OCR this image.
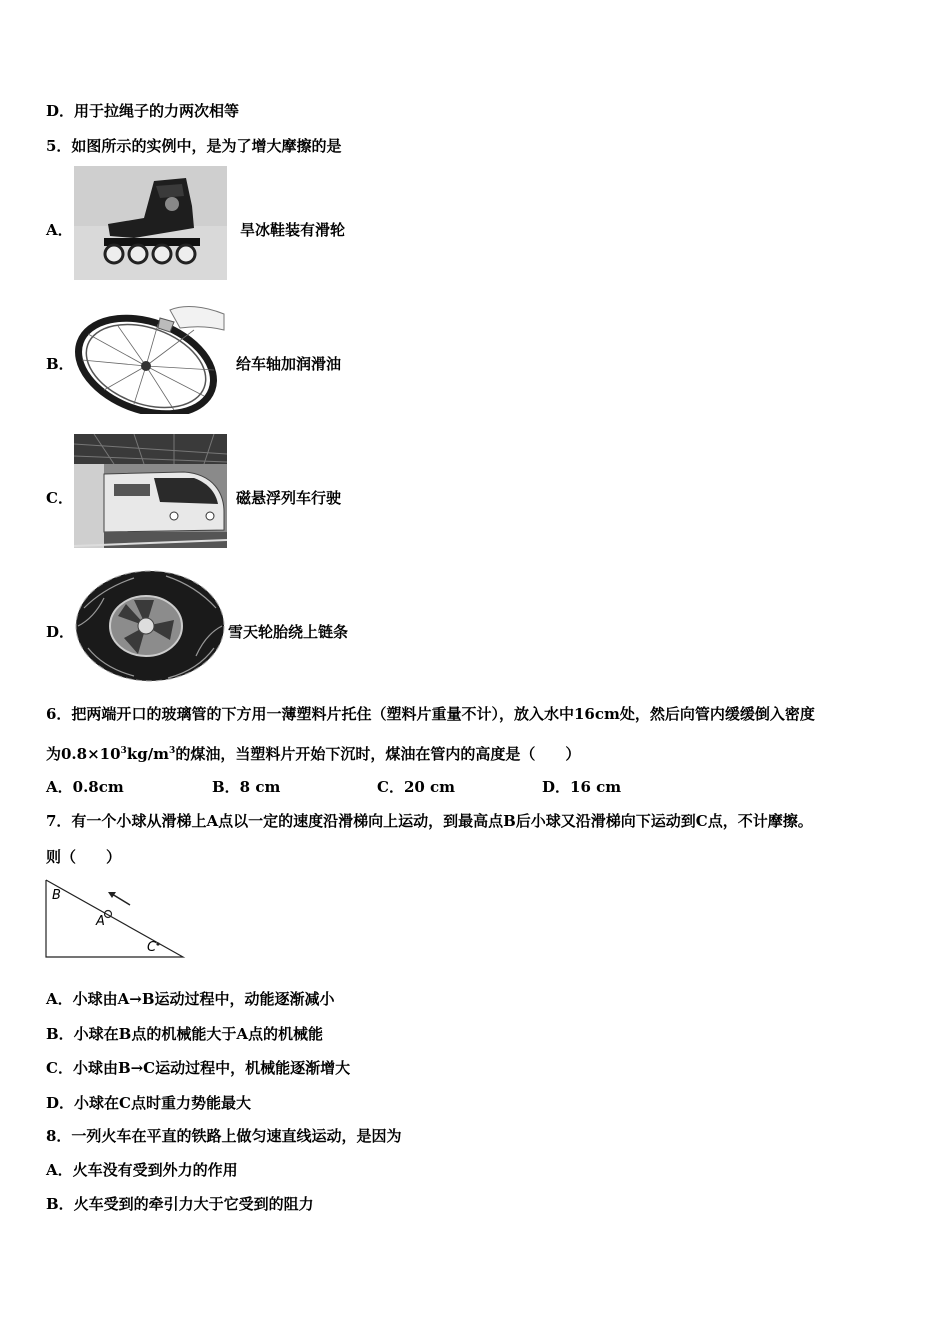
D．用于拉绳子的力两次相等
5．如图所示的实例中，是为了增大摩擦的是
A．	旱冰鞋装有滑轮
B．	给车轴加润滑油
C．	磁悬浮列车行驶
D．	雪天轮胎绕上链条
6．把两端开口的玻璃管的下方用一薄塑料片托住（塑料片重量不计），放入水中16cm处，然后向管内缓缓倒入密度
为$0.8\times 10^3kg/m^3$的煤油，当塑料片开始下沉时，煤油在管内的高度是（　　）
A．0.8cm	B．8 cm	C．20 cm	D．16 cm
7．有一个小球从滑梯上A点以一定的速度沿滑梯向上运动，到最高点B后小球又沿滑梯向下运动到C点，不计摩擦。
则（　　）
B
A
C
A．小球由A→B运动过程中，动能逐渐减小
B．小球在B点的机械能大于A点的机械能
C．小球由B→C运动过程中，机械能逐渐增大
D．小球在C点时重力势能最大
8．一列火车在平直的铁路上做匀速直线运动，是因为
A．火车没有受到外力的作用
B．火车受到的牵引力大于它受到的阻力
